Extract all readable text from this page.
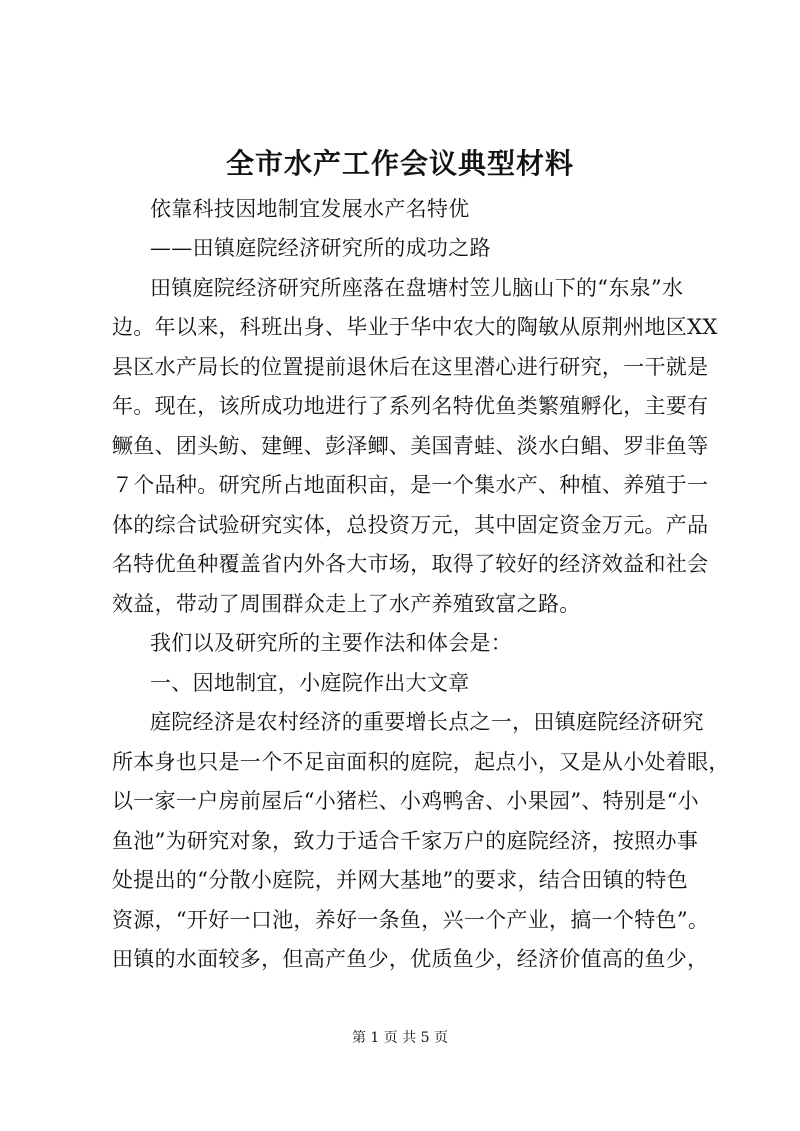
全市水产工作会议典型材料
依靠科技因地制宜发展水产名特优
——田镇庭院经济研究所的成功之路
田镇庭院经济研究所座落在盘塘村笠儿脑山下的“东泉”水
边。年以来，科班出身、毕业于华中农大的陶敏从原荆州地区XX
县区水产局长的位置提前退休后在这里潜心进行研究，一干就是
年。现在，该所成功地进行了系列名特优鱼类繁殖孵化，主要有
鳜鱼、团头鲂、建鲤、彭泽鲫、美国青蛙、淡水白鲳、罗非鱼等
７个品种。研究所占地面积亩，是一个集水产、种植、养殖于一
体的综合试验研究实体，总投资万元，其中固定资金万元。产品
名特优鱼种覆盖省内外各大市场，取得了较好的经济效益和社会
效益，带动了周围群众走上了水产养殖致富之路。
我们以及研究所的主要作法和体会是：
一、因地制宜，小庭院作出大文章
庭院经济是农村经济的重要增长点之一，田镇庭院经济研究
所本身也只是一个不足亩面积的庭院，起点小，又是从小处着眼，
以一家一户房前屋后“小猪栏、小鸡鸭舍、小果园”、特别是“小
鱼池”为研究对象，致力于适合千家万户的庭院经济，按照办事
处提出的“分散小庭院，并网大基地”的要求，结合田镇的特色
资源，“开好一口池，养好一条鱼，兴一个产业，搞一个特色”。
田镇的水面较多，但高产鱼少，优质鱼少，经济价值高的鱼少，
第 1 页 共 5 页
